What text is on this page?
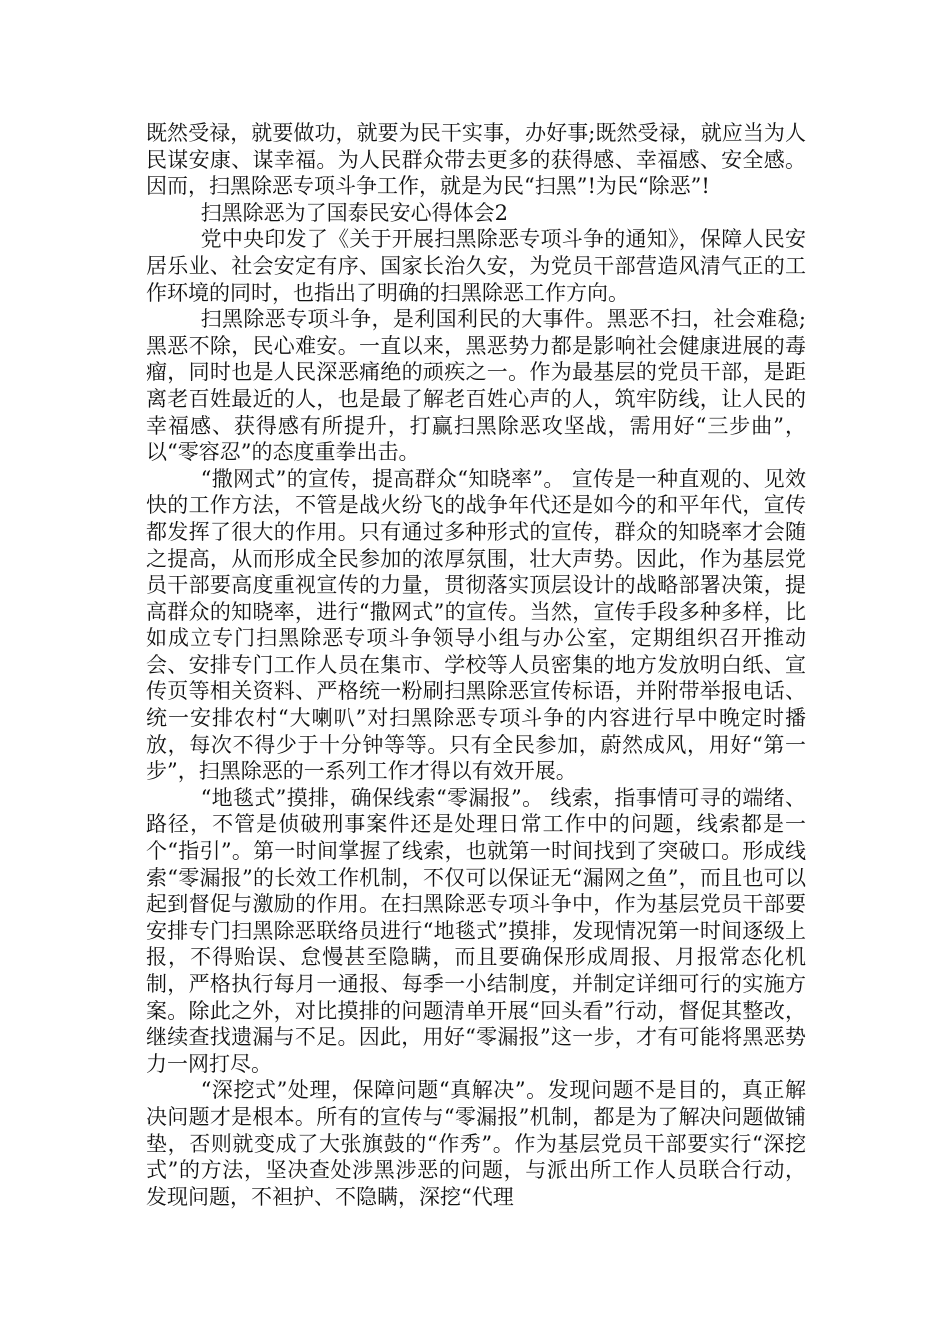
既然受禄，就要做功，就要为民干实事，办好事;既然受禄，就应当为人民谋安康、谋幸福。为人民群众带去更多的获得感、幸福感、安全感。因而，扫黑除恶专项斗争工作，就是为民“扫黑”!为民“除恶”!

扫黑除恶为了国泰民安心得体会2

党中央印发了《关于开展扫黑除恶专项斗争的通知》，保障人民安居乐业、社会安定有序、国家长治久安，为党员干部营造风清气正的工作环境的同时，也指出了明确的扫黑除恶工作方向。

扫黑除恶专项斗争，是利国利民的大事件。黑恶不扫，社会难稳;黑恶不除，民心难安。一直以来，黑恶势力都是影响社会健康进展的毒瘤，同时也是人民深恶痛绝的顽疾之一。作为最基层的党员干部，是距离老百姓最近的人，也是最了解老百姓心声的人，筑牢防线，让人民的幸福感、获得感有所提升，打赢扫黑除恶攻坚战，需用好“三步曲”，以“零容忍”的态度重拳出击。

“撒网式”的宣传，提高群众“知晓率”。 宣传是一种直观的、见效快的工作方法，不管是战火纷飞的战争年代还是如今的和平年代，宣传都发挥了很大的作用。只有通过多种形式的宣传，群众的知晓率才会随之提高，从而形成全民参加的浓厚氛围，壮大声势。因此，作为基层党员干部要高度重视宣传的力量，贯彻落实顶层设计的战略部署决策，提高群众的知晓率，进行“撒网式”的宣传。当然，宣传手段多种多样，比如成立专门扫黑除恶专项斗争领导小组与办公室，定期组织召开推动会、安排专门工作人员在集市、学校等人员密集的地方发放明白纸、宣传页等相关资料、严格统一粉刷扫黑除恶宣传标语，并附带举报电话、统一安排农村“大喇叭”对扫黑除恶专项斗争的内容进行早中晚定时播放，每次不得少于十分钟等等。只有全民参加，蔚然成风，用好“第一步”，扫黑除恶的一系列工作才得以有效开展。

“地毯式”摸排，确保线索“零漏报”。 线索，指事情可寻的端绪、路径，不管是侦破刑事案件还是处理日常工作中的问题，线索都是一个“指引”。第一时间掌握了线索，也就第一时间找到了突破口。形成线索“零漏报”的长效工作机制，不仅可以保证无“漏网之鱼”，而且也可以起到督促与激励的作用。在扫黑除恶专项斗争中，作为基层党员干部要安排专门扫黑除恶联络员进行“地毯式”摸排，发现情况第一时间逐级上报，不得贻误、怠慢甚至隐瞒，而且要确保形成周报、月报常态化机制，严格执行每月一通报、每季一小结制度，并制定详细可行的实施方案。除此之外，对比摸排的问题清单开展“回头看”行动，督促其整改，继续查找遗漏与不足。因此，用好“零漏报”这一步，才有可能将黑恶势力一网打尽。

“深挖式”处理，保障问题“真解决”。发现问题不是目的，真正解决问题才是根本。所有的宣传与“零漏报”机制，都是为了解决问题做铺垫，否则就变成了大张旗鼓的“作秀”。作为基层党员干部要实行“深挖式”的方法，坚决查处涉黑涉恶的问题，与派出所工作人员联合行动，发现问题，不袒护、不隐瞒，深挖“代理
